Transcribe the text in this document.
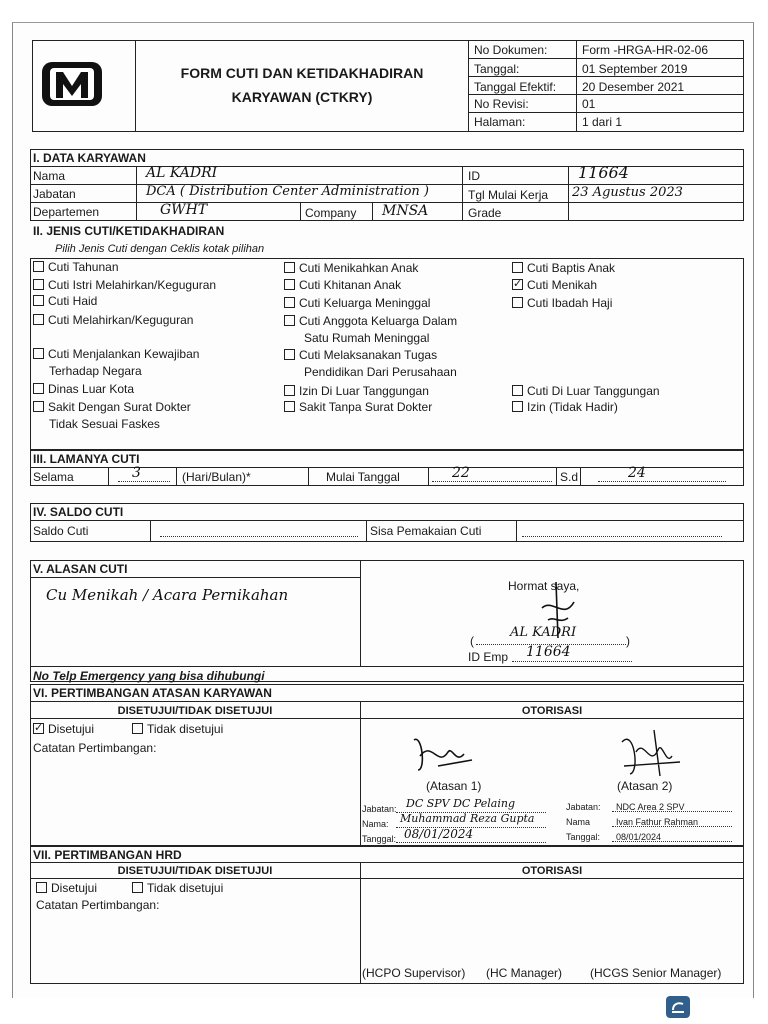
FORM CUTI DAN KETIDAKHADIRAN
KARYAWAN (CTKRY)
No Dokumen:	Form -HRGA-HR-02-06
Tanggal:	01 September 2019
Tanggal Efektif: 20 Desember 2021
No Revisi:	01
Halaman:	1 dari 1
I. DATA KARYAWAN
Nama	AL KADRI
Jabatan	DCA ( Distribution Center Administration )
Departemen	GWHT	Company MNSA
ID	11664
Tgl Mulai Kerja 23 Agustus 2023
Grade
II. JENIS CUTI/KETIDAKHADIRAN
Pilih Jenis Cuti dengan Ceklis kotak pilihan
Cuti Tahunan
Cuti Istri Melahirkan/Keguguran
Cuti Haid
Cuti Melahirkan/Keguguran
Cuti Menjalankan Kewajiban
Terhadap Negara
Dinas Luar Kota
Sakit Dengan Surat Dokter
Tidak Sesuai Faskes
Cuti Menikahkan Anak
Cuti Khitanan Anak
Cuti Keluarga Meninggal
Cuti Anggota Keluarga Dalam
Satu Rumah Meninggal
Cuti Melaksanakan Tugas
Pendidikan Dari Perusahaan
Izin Di Luar Tanggungan
Sakit Tanpa Surat Dokter
Cuti Baptis Anak
✓Cuti Menikah
Cuti Ibadah Haji
Cuti Di Luar Tanggungan
Izin (Tidak Hadir)
III. LAMANYA CUTI
Selama	3	(Hari/Bulan)*	Mulai Tanggal	22	S.d	24
IV. SALDO CUTI
Saldo Cuti	Sisa Pemakaian Cuti
V. ALASAN CUTI
Cu Menikah / Acara Pernikahan	Hormat saya,
(
AL KADRI
)
ID Emp 11664
No Telp Emergency yang bisa dihubungi
VI. PERTIMBANGAN ATASAN KARYAWAN
DISETUJUI/TIDAK DISETUJUI	OTORISASI
✓Disetujui	Tidak disetujui
Catatan Pertimbangan:
(Atasan 1)	(Atasan 2)
Jabatan: DC SPV DC Pelaing
Nama: Muhammad Reza Gupta
Tanggal: 08/01/2024
Jabatan: NDC Area 2 SPV
Nama	Ivan Fathur Rahman
Tanggal: 08/01/2024
VII. PERTIMBANGAN HRD
DISETUJUI/TIDAK DISETUJUI	OTORISASI
Disetujui	Tidak disetujui
Catatan Pertimbangan:
(HCPO Supervisor) (HC Manager) (HCGS Senior Manager)
